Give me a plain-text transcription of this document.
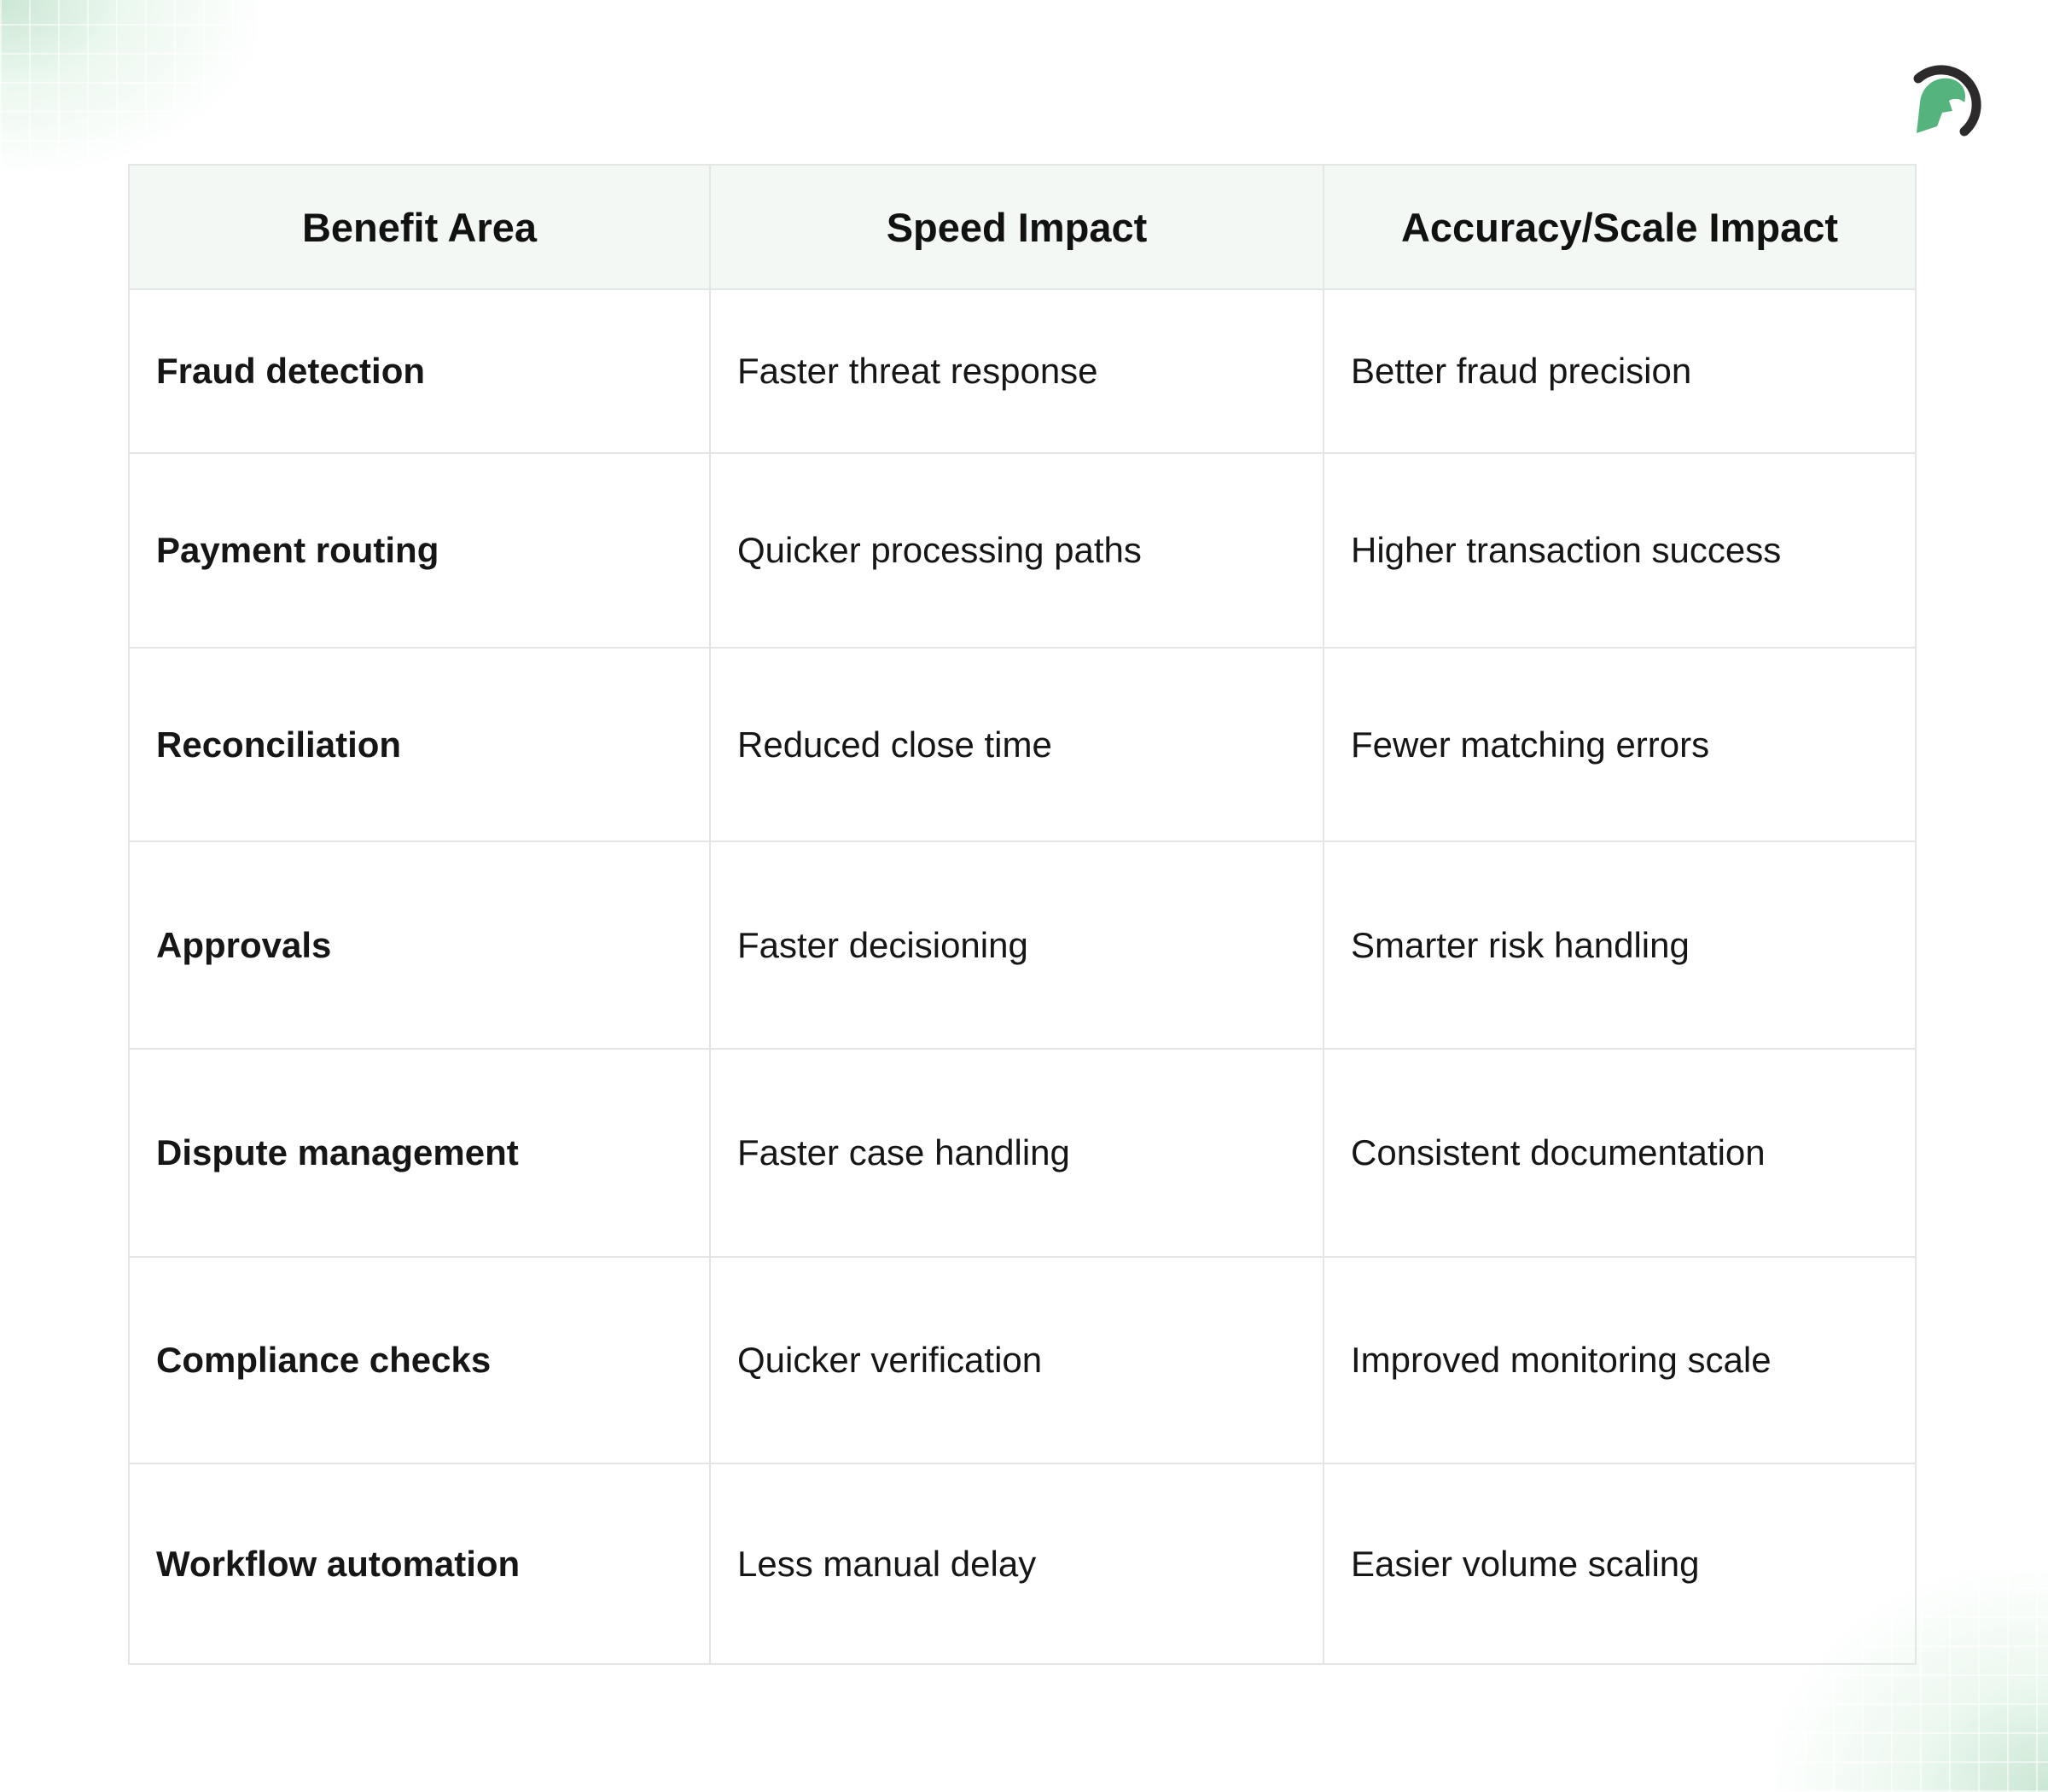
Benefit Area	Speed Impact	Accuracy/Scale Impact
Fraud detection	Faster threat response	Better fraud precision
Payment routing	Quicker processing paths	Higher transaction success
Reconciliation	Reduced close time	Fewer matching errors
Approvals	Faster decisioning	Smarter risk handling
Dispute management	Faster case handling	Consistent documentation
Compliance checks	Quicker verification	Improved monitoring scale
Workflow automation	Less manual delay	Easier volume scaling
